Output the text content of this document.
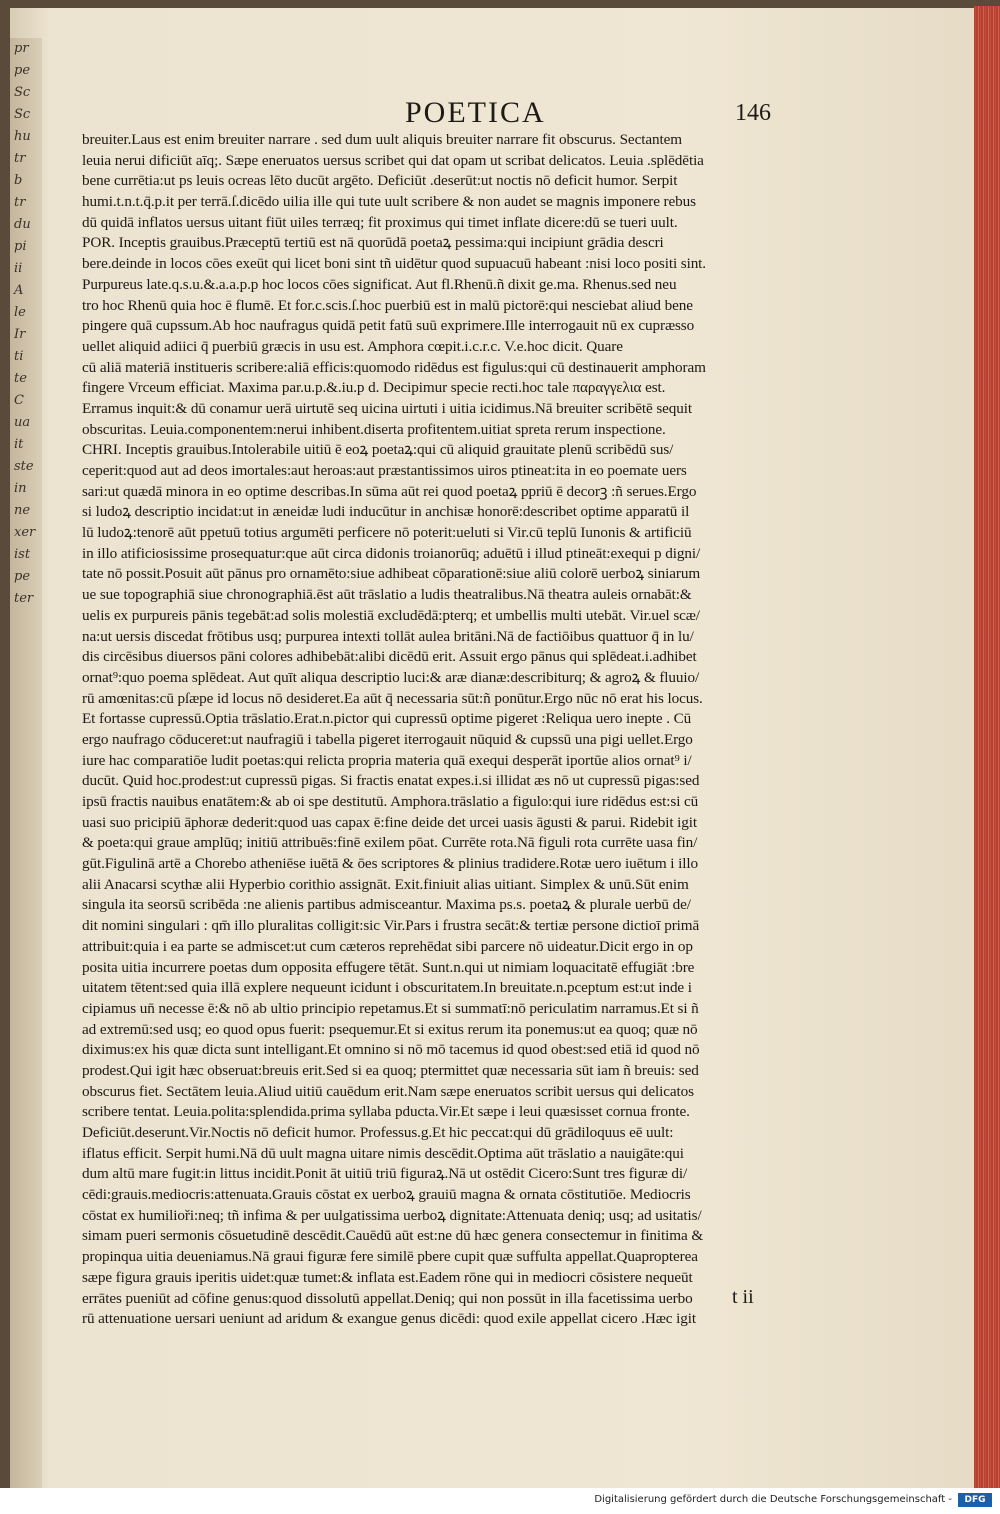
pr
pe
Sc
Sc
hu
tr
b
tr
du
pi
ii
A
le
Ir
ti
te
C
ua
it
ste
in
ne
xer
ist
pe
ter
POETICA	146
breuiter.Laus est enim breuiter narrare . sed dum uult aliquis breuiter narrare fit obscurus. Sectantem
leuia nerui dificiūt aīq;. Sæpe eneruatos uersus scribet qui dat opam ut scribat delicatos. Leuia .splēdētia
bene currētia:ut ps leuis ocreas lēto ducūt argēto. Deficiūt .deserūt:ut noctis nō deficit humor. Serpit
humi.t.n.t.q̄.p.it per terrā.ſ.dicēdo uilia ille qui tute uult scribere & non audet se magnis imponere rebus
dū quidā inflatos uersus uitant fiūt uiles terræq; fit proximus qui timet inflate dicere:dū se tueri uult.
POR. Inceptis grauibus.Præceptū tertiū est nā quorūdā poetaꝝ pessima:qui incipiunt grādia descri
bere.deinde in locos cōes exeūt qui licet boni sint tñ uidētur quod supuacuū habeant :nisi loco positi sint.
Purpureus late.q.s.u.&.a.a.p.p hoc locos cōes significat. Aut fl.Rhenū.ñ dixit ge.ma. Rhenus.sed neu
tro hoc Rhenū quia hoc ē flumē. Et for.c.scis.ſ.hoc puerbiū est in malū pictorē:qui nesciebat aliud bene
pingere quā cupssum.Ab hoc naufragus quidā petit fatū suū exprimere.Ille interrogauit nū ex cupræsso
uellet aliquid adiici q̄ puerbiū græcis in usu est. Amphora cœpit.i.c.r.c. V.e.hoc dicit. Quare
cū aliā materiā institueris scribere:aliā efficis:quomodo ridēdus est figulus:qui cū destinauerit amphoram
fingere Vrceum efficiat. Maxima par.u.p.&.iu.p d. Decipimur specie recti.hoc tale παραγγελια est.
Erramus inquit:& dū conamur uerā uirtutē seq uicina uirtuti i uitia icidimus.Nā breuiter scribētē sequit
obscuritas. Leuia.componentem:nerui inhibent.diserta profitentem.uitiat spreta rerum inspectione.
CHRI. Inceptis grauibus.Intolerabile uitiū ē eoꝝ poetaꝝ:qui cū aliquid grauitate plenū scribēdū sus/
ceperit:quod aut ad deos imortales:aut heroas:aut præstantissimos uiros ptineat:ita in eo poemate uers
sari:ut quædā minora in eo optime describas.In sūma aūt rei quod poetaꝝ ppriū ē decorꝫ :ñ serues.Ergo
si ludoꝝ descriptio incidat:ut in æneidæ ludi inducūtur in anchisæ honorē:describet optime apparatū il
lū ludoꝝ:tenorē aūt ppetuū totius argumēti perficere nō poterit:ueluti si Vir.cū teplū Iunonis & artificiū
in illo atificiosissime prosequatur:que aūt circa didonis troianorūq; aduētū i illud ptineāt:exequi p digni/
tate nō possit.Posuit aūt pānus pro ornamēto:siue adhibeat cōparationē:siue aliū colorē uerboꝝ siniarum
ue sue topographiā siue chronographiā.ēst aūt trāslatio a ludis theatralibus.Nā theatra auleis ornabāt:&
uelis ex purpureis pānis tegebāt:ad solis molestiā excludēdā:pterq; et umbellis multi utebāt. Vir.uel scæ/
na:ut uersis discedat frōtibus usq; purpurea intexti tollāt aulea britāni.Nā de factiōibus quattuor q̄ in lu/
dis circēsibus diuersos pāni colores adhibebāt:alibi dicēdū erit. Assuit ergo pānus qui splēdeat.i.adhibet
ornat⁹:quo poema splēdeat. Aut quīt aliqua descriptio luci:& aræ dianæ:describiturq; & agroꝝ & fluuio/
rū amœnitas:cū pſæpe id locus nō desideret.Ea aūt q̄ necessaria sūt:ñ ponūtur.Ergo nūc nō erat his locus.
Et fortasse cupressū.Optia trāslatio.Erat.n.pictor qui cupressū optime pigeret :Reliqua uero inepte . Cū
ergo naufrago cōduceret:ut naufragiū i tabella pigeret iterrogauit nūquid & cupssū una pigi uellet.Ergo
iure hac comparatiōe ludit poetas:qui relicta propria materia quā exequi desperāt iportūe alios ornat⁹ i/
ducūt. Quid hoc.prodest:ut cupressū pigas. Si fractis enatat expes.i.si illidat æs nō ut cupressū pigas:sed
ipsū fractis nauibus enatātem:& ab oi spe destitutū. Amphora.trāslatio a figulo:qui iure ridēdus est:si cū
uasi suo pricipiū āphoræ dederit:quod uas capax ē:fine deide det urcei uasis āgusti & parui. Ridebit igit
& poeta:qui graue amplūq; initiū attribuēs:finē exilem pōat. Currēte rota.Nā figuli rota currēte uasa fin/
gūt.Figulinā artē a Chorebo atheniēse iuētā & ōes scriptores & plinius tradidere.Rotæ uero iuētum i illo
alii Anacarsi scythæ alii Hyperbio corithio assignāt. Exit.finiuit alias uitiant. Simplex & unū.Sūt enim
singula ita seorsū scribēda :ne alienis partibus admisceantur. Maxima ps.s. poetaꝝ & plurale uerbū de/
dit nomini singulari : qm̄ illo pluralitas colligit:sic Vir.Pars i frustra secāt:& tertiæ persone dictioī primā
attribuit:quia i ea parte se admiscet:ut cum cæteros reprehēdat sibi parcere nō uideatur.Dicit ergo in op
posita uitia incurrere poetas dum opposita effugere tētāt. Sunt.n.qui ut nimiam loquacitatē effugiāt :bre
uitatem tētent:sed quia illā explere nequeunt icidunt i obscuritatem.In breuitate.n.pceptum est:ut inde i
cipiamus un̄ necesse ē:& nō ab ultio principio repetamus.Et si summatī:nō periculatim narramus.Et si ñ
ad extremū:sed usq; eo quod opus fuerit: psequemur.Et si exitus rerum ita ponemus:ut ea quoq; quæ nō
diximus:ex his quæ dicta sunt intelligant.Et omnino si nō mō tacemus id quod obest:sed etiā id quod nō
prodest.Qui igit hæc obseruat:breuis erit.Sed si ea quoq; ptermittet quæ necessaria sūt iam ñ breuis: sed
obscurus fiet. Sectātem leuia.Aliud uitiū cauēdum erit.Nam sæpe eneruatos scribit uersus qui delicatos
scribere tentat. Leuia.polita:splendida.prima syllaba pducta.Vir.Et sæpe i leui quæsisset cornua fronte.
Deficiūt.deserunt.Vir.Noctis nō deficit humor. Professus.g.Et hic peccat:qui dū grādiloquus eē uult:
iflatus efficit. Serpit humi.Nā dū uult magna uitare nimis descēdit.Optima aūt trāslatio a nauigāte:qui
dum altū mare fugit:in littus incidit.Ponit āt uitiū triū figuraꝝ.Nā ut ostēdit Cicero:Sunt tres figuræ di/
cēdi:grauis.mediocris:attenuata.Grauis cōstat ex uerboꝝ grauiū magna & ornata cōstitutiōe. Mediocris
cōstat ex humilioři:neq; tñ infima & per uulgatissima uerboꝝ dignitate:Attenuata deniq; usq; ad usitatis/
simam pueri sermonis cōsuetudinē descēdit.Cauēdū aūt est:ne dū hæc genera consectemur in finitima &
propinqua uitia deueniamus.Nā graui figuræ fere similē pbere cupit quæ suffulta appellat.Quapropterea
sæpe figura grauis iperitis uidet:quæ tumet:& inflata est.Eadem rōne qui in mediocri cōsistere nequeūt
errātes pueniūt ad cōfine genus:quod dissolutū appellat.Deniq; qui non possūt in illa facetissima uerbo
rū attenuatione uersari ueniunt ad aridum & exangue genus dicēdi: quod exile appellat cicero .Hæc igit
t ii
Digitalisierung gefördert durch die Deutsche Forschungsgemeinschaft -	DFG
